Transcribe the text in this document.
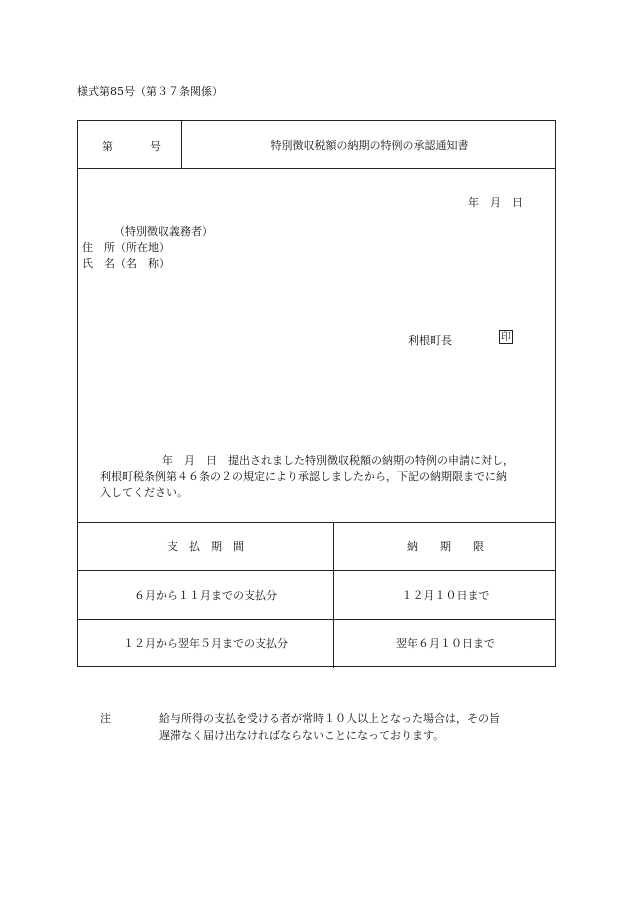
様式第85号（第３７条関係）
第	号	特別徴収税額の納期の特例の承認通知書
年　月　日
（特別徴収義務者）
住　所（所在地）
氏　名（名　称）
利根町長
年　月　日　提出されました特別徴収税額の納期の特例の申請に対し，
利根町税条例第４６条の２の規定により承認しましたから，下記の納期限までに納
入してください。
支　払　期　間	納　　期　　限
６月から１１月までの支払分	１２月１０日まで
１２月から翌年５月までの支払分	翌年６月１０日まで
印
注	給与所得の支払を受ける者が常時１０人以上となった場合は，その旨
遅滞なく届け出なければならないことになっております。
